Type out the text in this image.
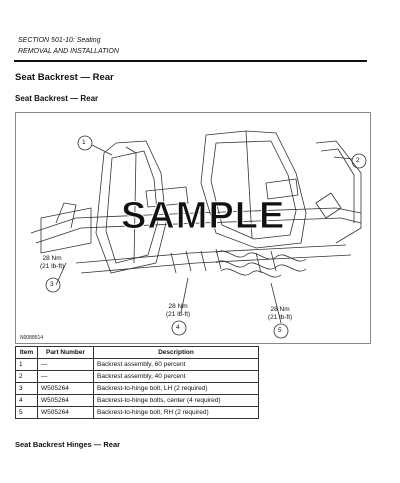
SECTION 501-10: Seating
REMOVAL AND INSTALLATION
Seat Backrest — Rear
Seat Backrest — Rear
1
2
3
4	5
28 Nm
(21 lb-ft)
28 Nm
(21 lb-ft)
28 Nm
(21 lb-ft)
SAMPLE
N0088514
Item	Part Number	Description
1	—	Backrest assembly, 60 percent
2	—	Backrest assembly, 40 percent
3	W505264	Backrest-to-hinge bolt, LH (2 required)
4	W505264	Backrest-to-hinge bolts, center (4 required)
5	W505264	Backrest-to-hinge bolt, RH (2 required)
Seat Backrest Hinges — Rear
